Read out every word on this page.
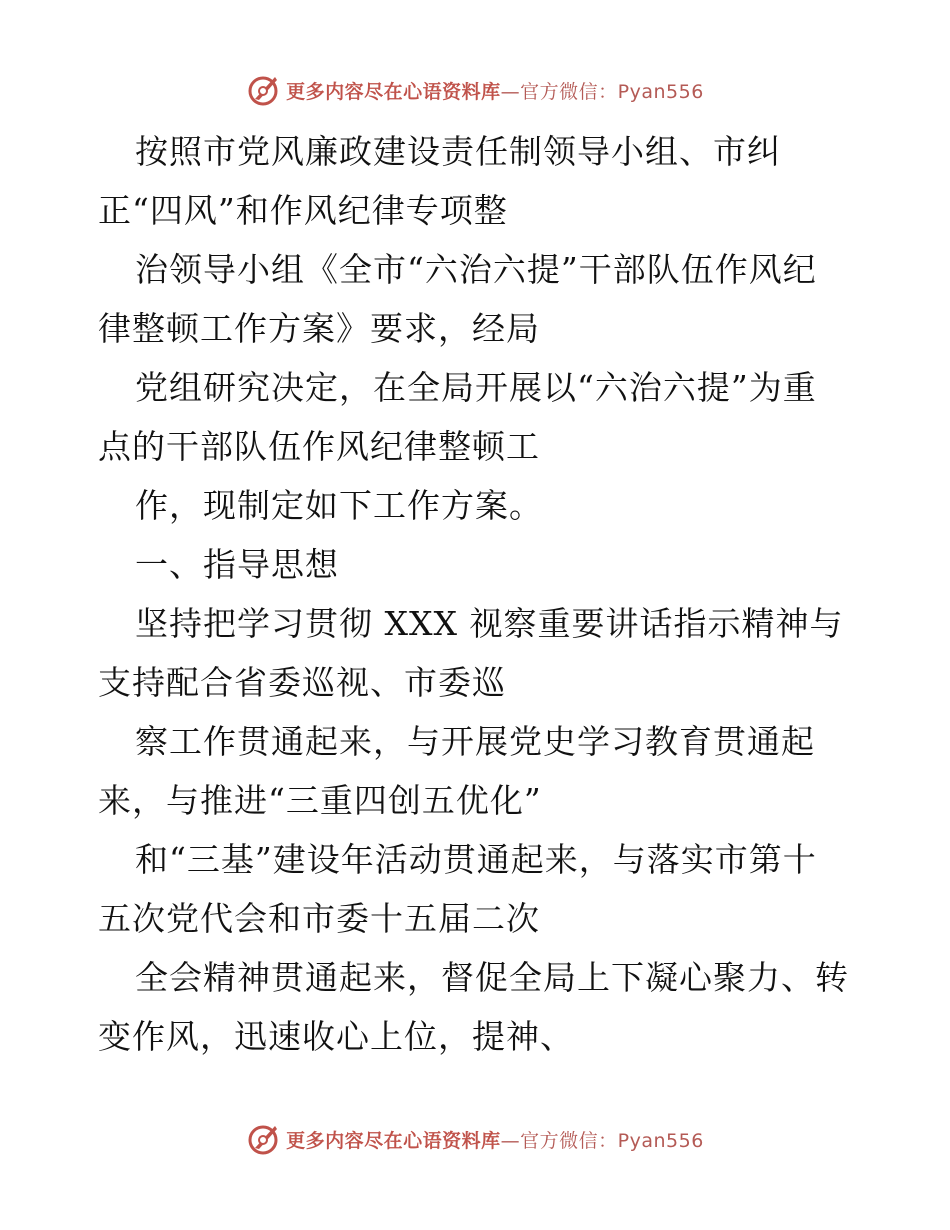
更多内容尽在心语资料库—官方微信：Pyan556
按照市党风廉政建设责任制领导小组、市纠
正“四风”和作风纪律专项整
治领导小组《全市“六治六提”干部队伍作风纪
律整顿工作方案》要求，经局
党组研究决定，在全局开展以“六治六提”为重
点的干部队伍作风纪律整顿工
作，现制定如下工作方案。
一、指导思想
坚持把学习贯彻 XXX 视察重要讲话指示精神与
支持配合省委巡视、市委巡
察工作贯通起来，与开展党史学习教育贯通起
来，与推进“三重四创五优化”
和“三基”建设年活动贯通起来，与落实市第十
五次党代会和市委十五届二次
全会精神贯通起来，督促全局上下凝心聚力、转
变作风，迅速收心上位，提神、
更多内容尽在心语资料库—官方微信：Pyan556
